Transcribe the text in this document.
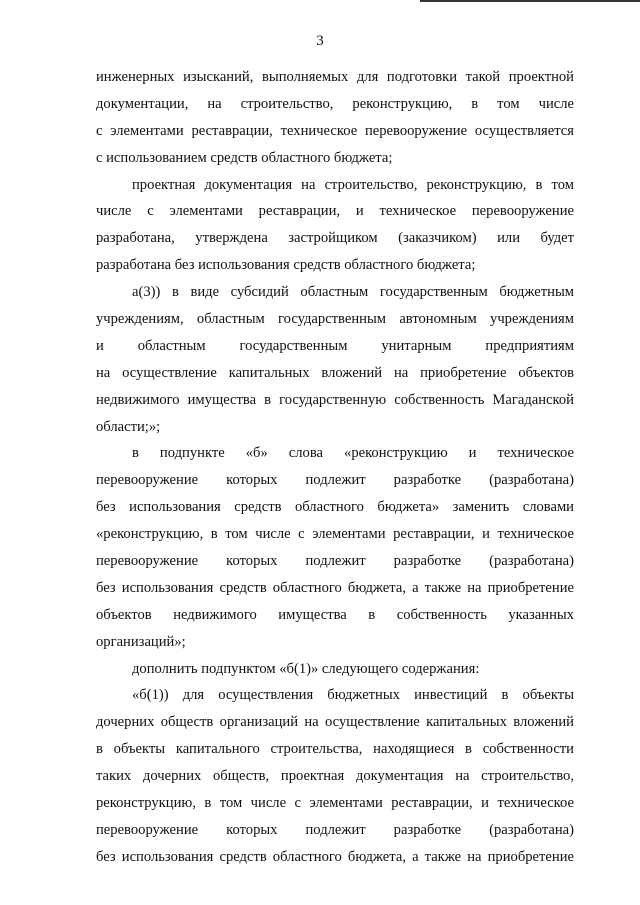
3
инженерных изысканий, выполняемых для подготовки такой проектной
документации, на строительство, реконструкцию, в том числе
с элементами реставрации, техническое перевооружение осуществляется
с использованием средств областного бюджета;
проектная документация на строительство, реконструкцию, в том
числе с элементами реставрации, и техническое перевооружение
разработана, утверждена застройщиком (заказчиком) или будет
разработана без использования средств областного бюджета;
а(3)) в виде субсидий областным государственным бюджетным
учреждениям, областным государственным автономным учреждениям
и областным государственным унитарным предприятиям
на осуществление капитальных вложений на приобретение объектов
недвижимого имущества в государственную собственность Магаданской
области;»;
в подпункте «б» слова «реконструкцию и техническое
перевооружение которых подлежит разработке (разработана)
без использования средств областного бюджета» заменить словами
«реконструкцию, в том числе с элементами реставрации, и техническое
перевооружение которых подлежит разработке (разработана)
без использования средств областного бюджета, а также на приобретение
объектов недвижимого имущества в собственность указанных
организаций»;
дополнить подпунктом «б(1)» следующего содержания:
«б(1)) для осуществления бюджетных инвестиций в объекты
дочерних обществ организаций на осуществление капитальных вложений
в объекты капитального строительства, находящиеся в собственности
таких дочерних обществ, проектная документация на строительство,
реконструкцию, в том числе с элементами реставрации, и техническое
перевооружение которых подлежит разработке (разработана)
без использования средств областного бюджета, а также на приобретение
